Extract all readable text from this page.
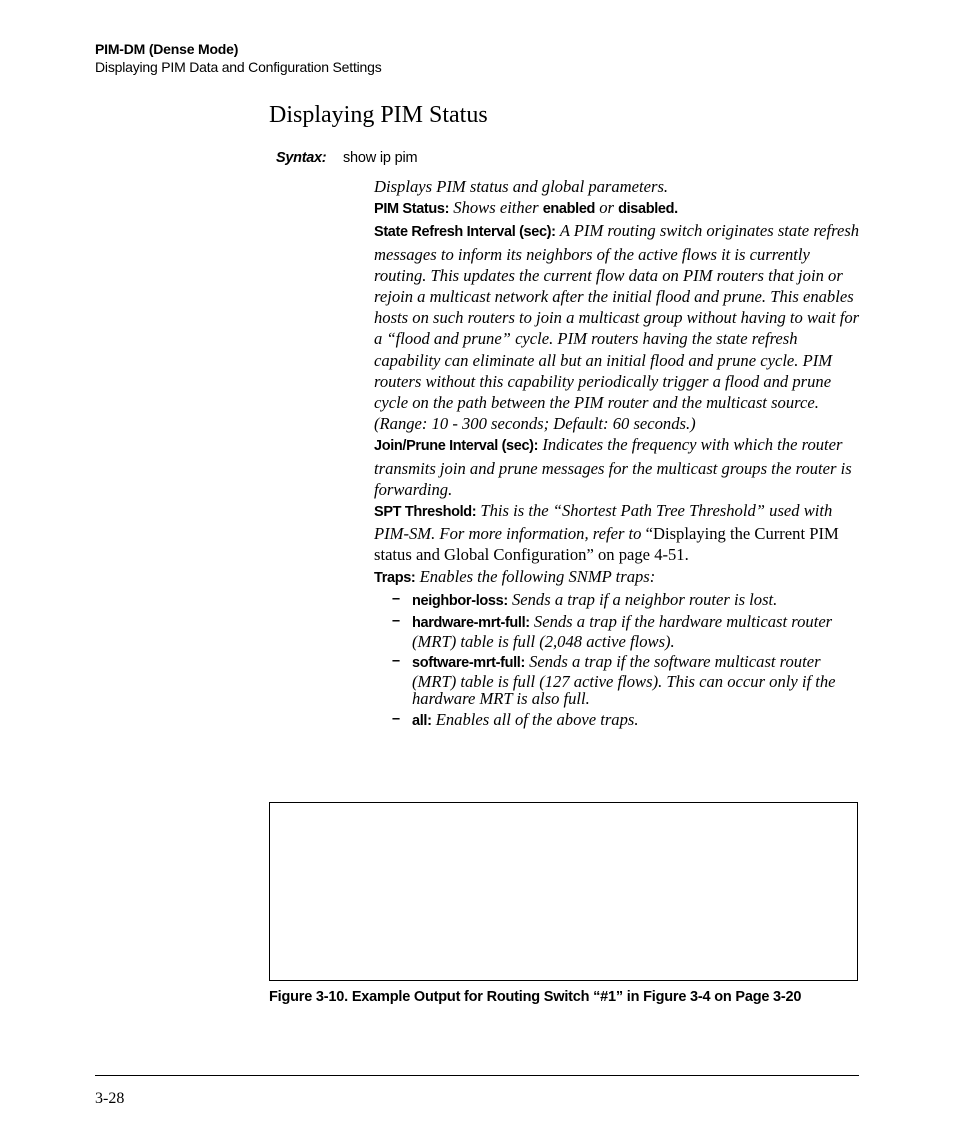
PIM-DM (Dense Mode)
Displaying PIM Data and Configuration Settings
Displaying PIM Status
Syntax: show ip pim

Displays PIM status and global parameters.

PIM Status: Shows either enabled or disabled.

State Refresh Interval (sec): A PIM routing switch originates state refresh messages to inform its neighbors of the active flows it is currently routing. This updates the current flow data on PIM routers that join or rejoin a multicast network after the initial flood and prune. This enables hosts on such routers to join a multicast group without having to wait for a “flood and prune” cycle. PIM routers having the state refresh capability can eliminate all but an initial flood and prune cycle. PIM routers without this capability periodically trigger a flood and prune cycle on the path between the PIM router and the multicast source. (Range: 10 - 300 seconds; Default: 60 seconds.)

Join/Prune Interval (sec): Indicates the frequency with which the router transmits join and prune messages for the multicast groups the router is forwarding.

SPT Threshold: This is the “Shortest Path Tree Threshold” used with PIM-SM. For more information, refer to “Displaying the Current PIM status and Global Configuration” on page 4-51.

Traps: Enables the following SNMP traps:

– neighbor-loss: Sends a trap if a neighbor router is lost.
– hardware-mrt-full: Sends a trap if the hardware multicast router (MRT) table is full (2,048 active flows).
– software-mrt-full: Sends a trap if the software multicast router (MRT) table is full (127 active flows). This can occur only if the hardware MRT is also full.
– all: Enables all of the above traps.
Figure 3-10. Example Output for Routing Switch “#1” in Figure 3-4 on Page 3-20
3-28
